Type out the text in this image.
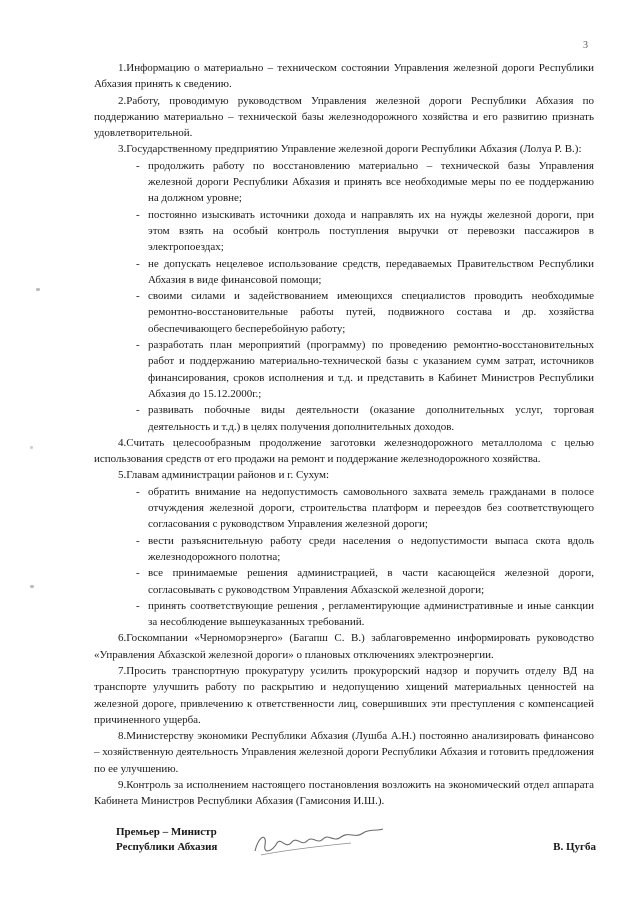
3

1.Информацию о материально – техническом состоянии Управления железной дороги Республики Абхазия принять к сведению.

2.Работу, проводимую руководством Управления железной дороги Республики Абхазия по поддержанию материально – технической базы железнодорожного хозяйства и его развитию признать удовлетворительной.

3.Государственному предприятию Управление железной дороги Республики Абхазия (Лолуа Р. В.):

- продолжить работу по восстановлению материально – технической базы Управления железной дороги Республики Абхазия и принять все необходимые меры по ее поддержанию на должном уровне;
- постоянно изыскивать источники дохода и направлять их на нужды железной дороги, при этом взять на особый контроль поступления выручки от перевозки пассажиров в электропоездах;
- не допускать нецелевое использование средств, передаваемых Правительством Республики Абхазия в виде финансовой помощи;
- своими силами и задействованием имеющихся специалистов проводить необходимые ремонтно-восстановительные работы путей, подвижного состава и др. хозяйства обеспечивающего бесперебойную работу;
- разработать план мероприятий (программу) по проведению ремонтно-восстановительных работ и поддержанию материально-технической базы с указанием сумм затрат, источников финансирования, сроков исполнения и т.д. и представить в Кабинет Министров Республики Абхазия до 15.12.2000г.;
- развивать побочные виды деятельности (оказание дополнительных услуг, торговая деятельность и т.д.) в целях получения дополнительных доходов.

4.Считать целесообразным продолжение заготовки железнодорожного металлолома с целью использования средств от его продажи на ремонт и поддержание железнодорожного хозяйства.

5.Главам администрации районов и г. Сухум:

- обратить внимание на недопустимость самовольного захвата земель гражданами в полосе отчуждения железной дороги, строительства платформ и переездов без соответствующего согласования с руководством Управления железной дороги;
- вести разъяснительную работу среди населения о недопустимости выпаса скота вдоль железнодорожного полотна;
- все принимаемые решения администрацией, в части касающейся железной дороги, согласовывать с руководством Управления Абхазской железной дороги;
- принять соответствующие решения , регламентирующие административные и иные санкции за несоблюдение вышеуказанных требований.

6.Госкомпании «Черноморэнерго» (Багапш С. В.) заблаговременно информировать руководство «Управления Абхазской железной дороги» о плановых отключениях электроэнергии.

7.Просить транспортную прокуратуру усилить прокурорский надзор и поручить отделу ВД на транспорте улучшить работу по раскрытию и недопущению хищений материальных ценностей на железной дороге, привлечению к ответственности лиц, совершивших эти преступления с компенсацией причиненного ущерба.

8.Министерству экономики Республики Абхазия (Лушба А.Н.) постоянно анализировать финансово – хозяйственную деятельность Управления железной дороги Республики Абхазия и готовить предложения по ее улучшению.

9.Контроль за исполнением настоящего постановления возложить на экономический отдел аппарата Кабинета Министров Республики Абхазия (Гамисония И.Ш.).

Премьер – Министр
Республики Абхазия	В. Цугба
